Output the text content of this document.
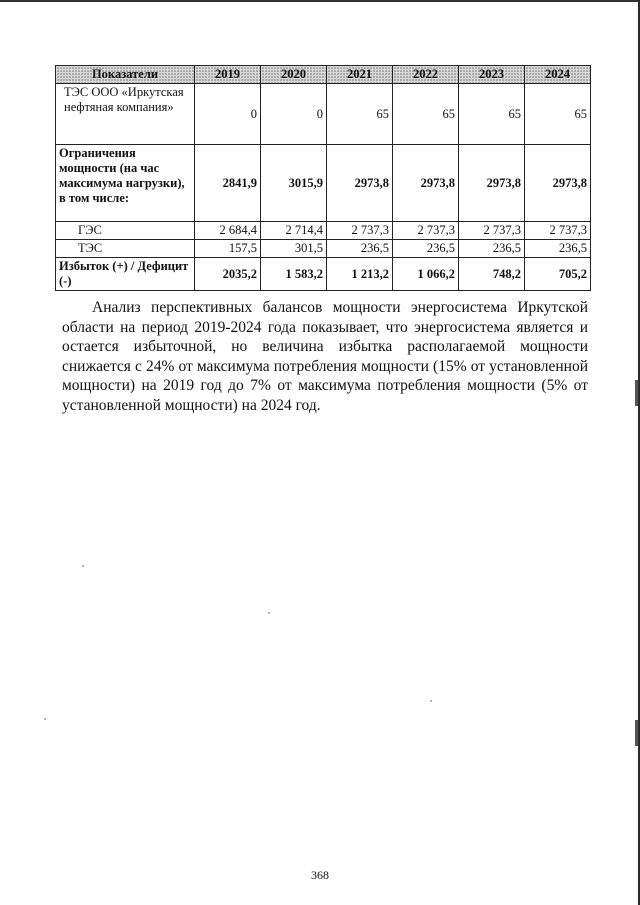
Показатели	2019	2020	2021	2022	2023	2024
ТЭС ООО «Иркутская нефтяная компания»	0	0	65	65	65	65
Ограничения мощности (на час максимума нагрузки), в том числе:	2841,9	3015,9	2973,8	2973,8	2973,8	2973,8
ГЭС	2 684,4	2 714,4	2 737,3	2 737,3	2 737,3	2 737,3
ТЭС	157,5	301,5	236,5	236,5	236,5	236,5
Избыток (+) / Дефицит (-)	2035,2	1 583,2	1 213,2	1 066,2	748,2	705,2

Анализ перспективных балансов мощности энергосистема Иркутской области на период 2019-2024 года показывает, что энергосистема является и остается избыточной, но величина избытка располагаемой мощности снижается с 24% от максимума потребления мощности (15% от установленной мощности) на 2019 год до 7% от максимума потребления мощности (5% от установленной мощности) на 2024 год.

368
